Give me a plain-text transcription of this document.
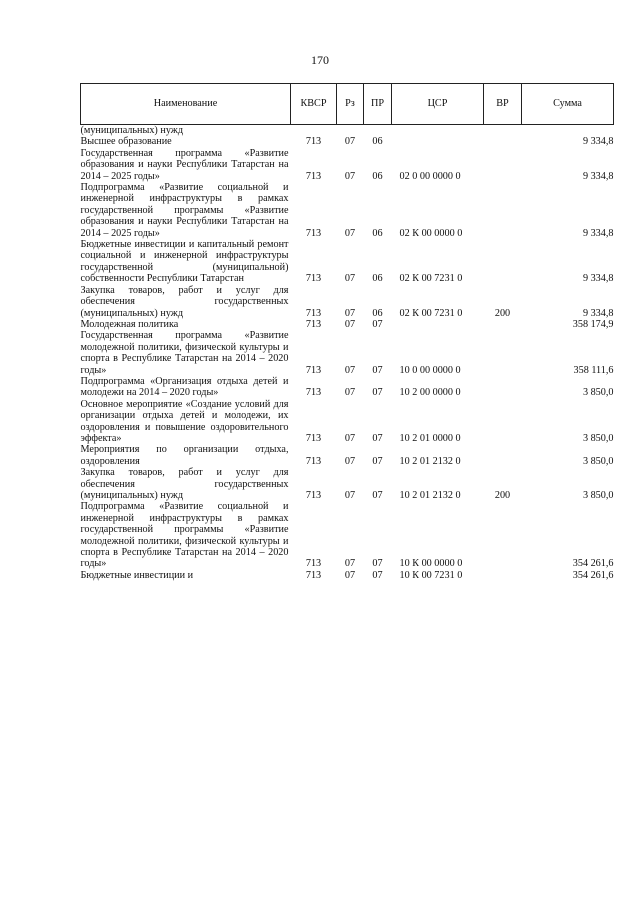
170
Наименование	КВСР	Рз	ПР	ЦСР	ВР	Сумма
(муниципальных) нужд						
Высшее образование	713	07	06			9 334,8
Государственная программа «Развитие образования и науки Республики Татарстан на 2014 – 2025 годы»	713	07	06	02 0 00 0000 0		9 334,8
Подпрограмма «Развитие социальной и инженерной инфраструктуры в рамках государственной программы «Развитие образования и науки Республики Татарстан на 2014 – 2025 годы»	713	07	06	02 К 00 0000 0		9 334,8
Бюджетные инвестиции и капитальный ремонт социальной и инженерной инфраструктуры государственной (муниципальной) собственности Республики Татарстан	713	07	06	02 К 00 7231 0		9 334,8
Закупка товаров, работ и услуг для обеспечения государственных (муниципальных) нужд	713	07	06	02 К 00 7231 0	200	9 334,8
Молодежная политика	713	07	07			358 174,9
Государственная программа «Развитие молодежной политики, физической культуры и спорта в Республике Татарстан на 2014 – 2020 годы»	713	07	07	10 0 00 0000 0		358 111,6
Подпрограмма «Организация отдыха детей и молодежи на 2014 – 2020 годы»	713	07	07	10 2 00 0000 0		3 850,0
Основное мероприятие «Создание условий для организации отдыха детей и молодежи, их оздоровления и повышение оздоровительного эффекта»	713	07	07	10 2 01 0000 0		3 850,0
Мероприятия по организации отдыха, оздоровления	713	07	07	10 2 01 2132 0		3 850,0
Закупка товаров, работ и услуг для обеспечения государственных (муниципальных) нужд	713	07	07	10 2 01 2132 0	200	3 850,0
Подпрограмма «Развитие социальной и инженерной инфраструктуры в рамках государственной программы «Развитие молодежной политики, физической культуры и спорта в Республике Татарстан на 2014 – 2020 годы»	713	07	07	10 К 00 0000 0		354 261,6
Бюджетные инвестиции и	713	07	07	10 К 00 7231 0		354 261,6
